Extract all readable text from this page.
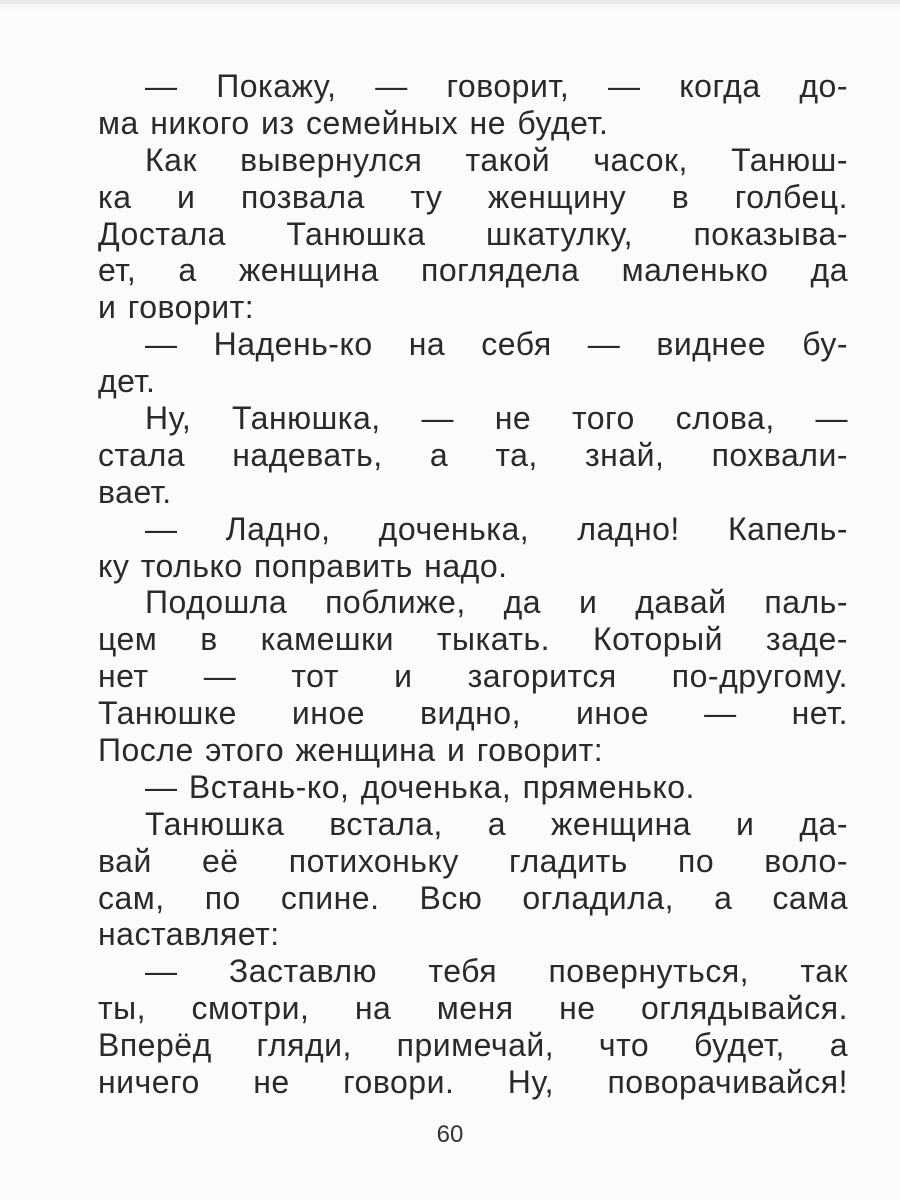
— Покажу, — говорит, — когда до-
ма никого из семейных не будет.
Как вывернулся такой часок, Танюш-
ка и позвала ту женщину в голбец.
Достала Танюшка шкатулку, показыва-
ет, а женщина поглядела маленько да
и говорит:
— Надень-ко на себя — виднее бу-
дет.
Ну, Танюшка, — не того слова, —
стала надевать, а та, знай, похвали-
вает.
— Ладно, доченька, ладно! Капель-
ку только поправить надо.
Подошла поближе, да и давай паль-
цем в камешки тыкать. Который заде-
нет — тот и загорится по-другому.
Танюшке иное видно, иное — нет.
После этого женщина и говорит:
— Встань-ко, доченька, пряменько.
Танюшка встала, а женщина и да-
вай её потихоньку гладить по воло-
сам, по спине. Всю огладила, а сама
наставляет:
— Заставлю тебя повернуться, так
ты, смотри, на меня не оглядывайся.
Вперёд гляди, примечай, что будет, а
ничего не говори. Ну, поворачивайся!
60
